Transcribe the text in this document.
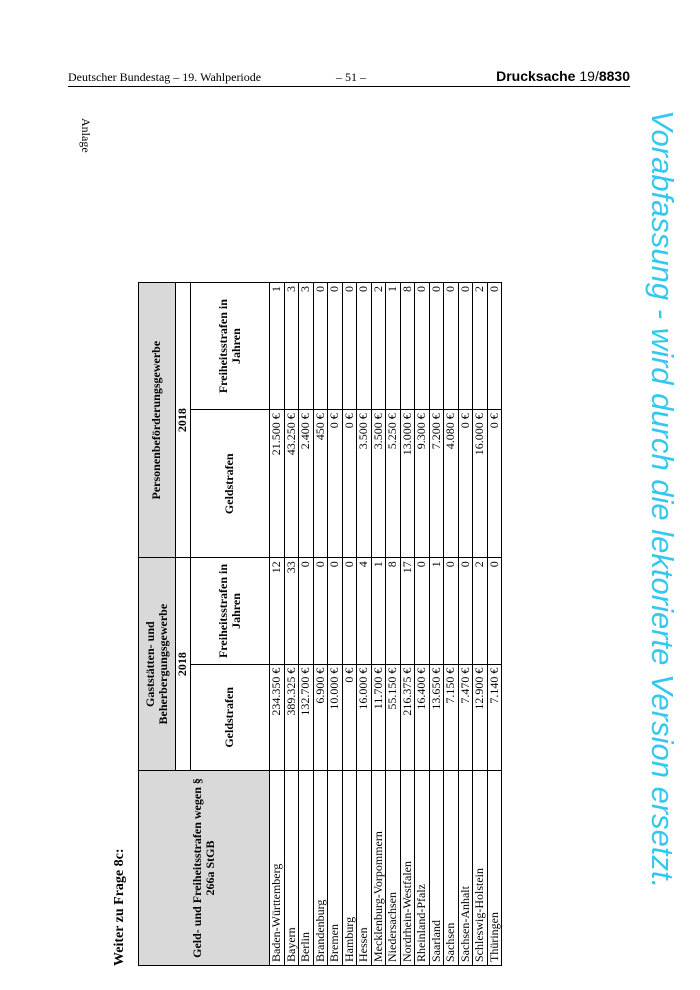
Deutscher Bundestag – 19. Wahlperiode	– 51 –	Drucksache 19/8830
Anlage	Vorabfassung - wird durch die lektorierte Version ersetzt.
Weiter zu Frage 8c:	Geld- und Freiheitsstrafen wegen § 266a StGB	Gaststätten- und Beherbergungsgewerbe		Personenbeförderungsgewerbe	
	2018		2018	
	Geldstrafen	Freiheitsstrafen in Jahren	Geldstrafen	Freiheitsstrafen in Jahren
Baden-Württemberg	234.350 €	12	21.500 €	1
Bayern	389.325 €	33	43.250 €	3
Berlin	132.700 €	0	2.400 €	3
Brandenburg	6.900 €	0	450 €	0
Bremen	10.000 €	0	0 €	0
Hamburg	0 €	0	0 €	0
Hessen	16.000 €	4	3.500 €	0
Mecklenburg-Vorpommern	11.700 €	1	3.500 €	2
Niedersachsen	55.150 €	8	5.250 €	1
Nordrhein-Westfalen	216.375 €	17	13.000 €	8
Rheinland-Pfalz	16.400 €	0	9.300 €	0
Saarland	13.650 €	1	7.200 €	0
Sachsen	7.150 €	0	4.080 €	0
Sachsen-Anhalt	7.470 €	0	0 €	0
Schleswig-Holstein	12.900 €	2	16.000 €	2
Thüringen	7.140 €	0	0 €	0
